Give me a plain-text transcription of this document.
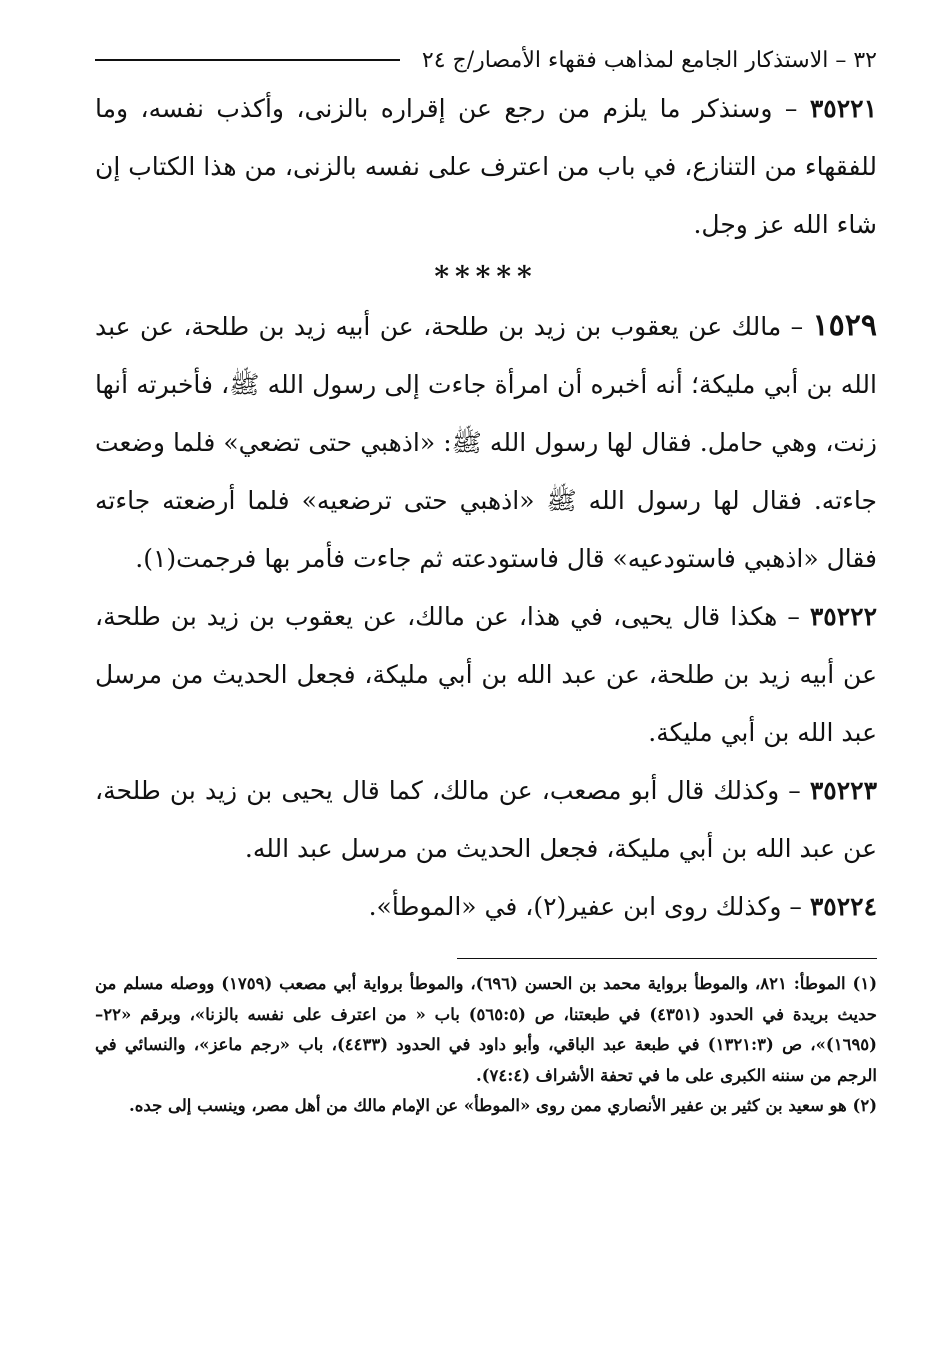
٣٢ – الاستذكار الجامع لمذاهب فقهاء الأمصار/ج ٢٤

٣٥٢٢١ – وسنذكر ما يلزم من رجع عن إقراره بالزنى، وأكذب نفسه، وما للفقهاء من التنازع، في باب من اعترف على نفسه بالزنى، من هذا الكتاب إن شاء الله عز وجل.

*****

١٥٢٩ – مالك عن يعقوب بن زيد بن طلحة، عن أبيه زيد بن طلحة، عن عبد الله بن أبي مليكة؛ أنه أخبره أن امرأة جاءت إلى رسول الله ﷺ، فأخبرته أنها زنت، وهي حامل. فقال لها رسول الله ﷺ: «اذهبي حتى تضعي» فلما وضعت جاءته. فقال لها رسول الله ﷺ «اذهبي حتى ترضعيه» فلما أرضعته جاءته فقال «اذهبي فاستودعيه» قال فاستودعته ثم جاءت فأمر بها فرجمت(١).

٣٥٢٢٢ – هكذا قال يحيى، في هذا، عن مالك، عن يعقوب بن زيد بن طلحة، عن أبيه زيد بن طلحة، عن عبد الله بن أبي مليكة، فجعل الحديث من مرسل عبد الله بن أبي مليكة.

٣٥٢٢٣ – وكذلك قال أبو مصعب، عن مالك، كما قال يحيى بن زيد بن طلحة، عن عبد الله بن أبي مليكة، فجعل الحديث من مرسل عبد الله.

٣٥٢٢٤ – وكذلك روى ابن عفير(٢)، في «الموطأ».

(١) الموطأ: ٨٢١، والموطأ برواية محمد بن الحسن (٦٩٦)، والموطأ برواية أبي مصعب (١٧٥٩) ووصله مسلم من حديث بريدة في الحدود (٤٣٥١) في طبعتنا، ص (٥٦٥:٥) باب « من اعترف على نفسه بالزنا»، وبرقم «٢٢– (١٦٩٥)»، ص (١٣٢١:٣) في طبعة عبد الباقي، وأبو داود في الحدود (٤٤٣٣)، باب «رجم ماعز»، والنسائي في الرجم من سننه الكبرى على ما في تحفة الأشراف (٧٤:٤).

(٢) هو سعيد بن كثير بن عفير الأنصاري ممن روى «الموطأ» عن الإمام مالك من أهل مصر، وينسب إلى جده.
